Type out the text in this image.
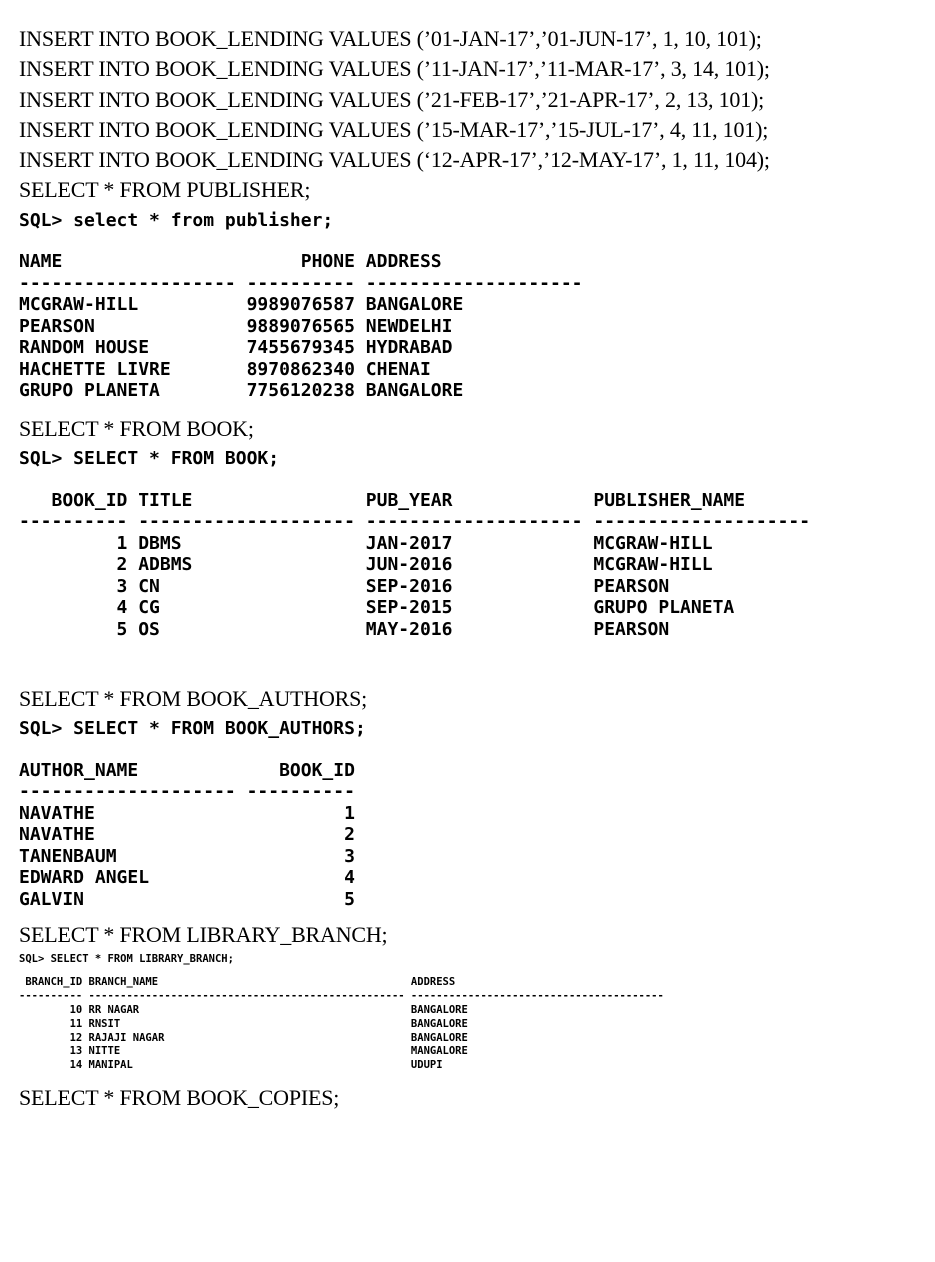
INSERT INTO BOOK_LENDING VALUES (’01-JAN-17’,’01-JUN-17’, 1, 10, 101);
INSERT INTO BOOK_LENDING VALUES (’11-JAN-17’,’11-MAR-17’, 3, 14, 101);
INSERT INTO BOOK_LENDING VALUES (’21-FEB-17’,’21-APR-17’, 2, 13, 101);
INSERT INTO BOOK_LENDING VALUES (’15-MAR-17’,’15-JUL-17’, 4, 11, 101);
INSERT INTO BOOK_LENDING VALUES (‘12-APR-17’,’12-MAY-17’, 1, 11, 104);
SELECT * FROM PUBLISHER;
SQL> select * from publisher;
NAME                      PHONE ADDRESS
-------------------- ---------- --------------------
MCGRAW-HILL          9989076587 BANGALORE
PEARSON              9889076565 NEWDELHI
RANDOM HOUSE         7455679345 HYDRABAD
HACHETTE LIVRE       8970862340 CHENAI
GRUPO PLANETA        7756120238 BANGALORE
SELECT * FROM BOOK;
SQL> SELECT * FROM BOOK;
BOOK_ID TITLE                PUB_YEAR             PUBLISHER_NAME
---------- -------------------- -------------------- --------------------
1 DBMS                 JAN-2017             MCGRAW-HILL
2 ADBMS                JUN-2016             MCGRAW-HILL
3 CN                   SEP-2016             PEARSON
4 CG                   SEP-2015             GRUPO PLANETA
5 OS                   MAY-2016             PEARSON
SELECT * FROM BOOK_AUTHORS;
SQL> SELECT * FROM BOOK_AUTHORS;
AUTHOR_NAME             BOOK_ID
-------------------- ----------
NAVATHE                       1
NAVATHE                       2
TANENBAUM                     3
EDWARD ANGEL                  4
GALVIN                        5
SELECT * FROM LIBRARY_BRANCH;
SQL> SELECT * FROM LIBRARY_BRANCH;
BRANCH_ID BRANCH_NAME                                        ADDRESS
---------- -------------------------------------------------- ----------------------------------------
10 RR NAGAR                                           BANGALORE
11 RNSIT                                              BANGALORE
12 RAJAJI NAGAR                                       BANGALORE
13 NITTE                                              MANGALORE
14 MANIPAL                                            UDUPI
SELECT * FROM BOOK_COPIES;
